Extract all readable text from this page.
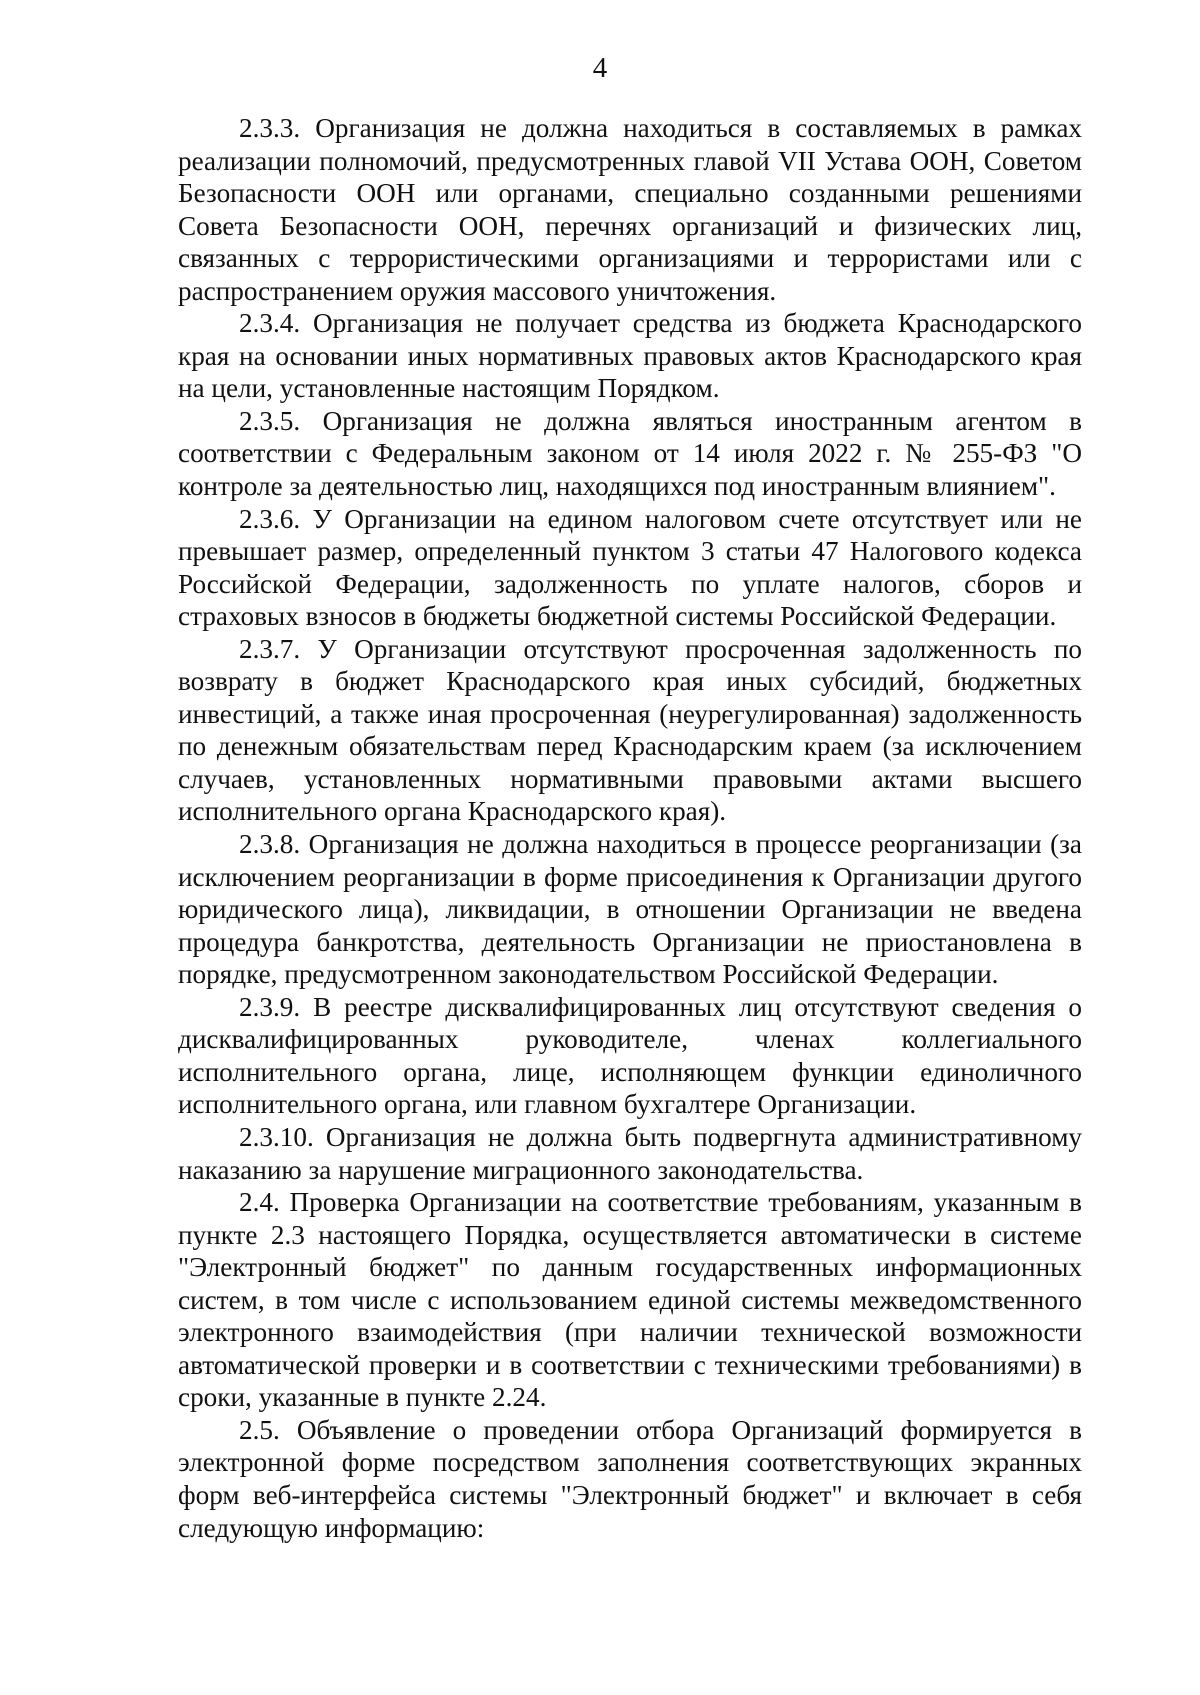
4

2.3.3. Организация не должна находиться в составляемых в рамках реализации полномочий, предусмотренных главой VII Устава ООН, Советом Безопасности ООН или органами, специально созданными решениями Совета Безопасности ООН, перечнях организаций и физических лиц, связанных с террористическими организациями и террористами или с распространением оружия массового уничтожения.

2.3.4. Организация не получает средства из бюджета Краснодарского края на основании иных нормативных правовых актов Краснодарского края на цели, установленные настоящим Порядком.

2.3.5. Организация не должна являться иностранным агентом в соответствии с Федеральным законом от 14 июля 2022 г. № 255-ФЗ "О контроле за деятельностью лиц, находящихся под иностранным влиянием".

2.3.6. У Организации на едином налоговом счете отсутствует или не превышает размер, определенный пунктом 3 статьи 47 Налогового кодекса Российской Федерации, задолженность по уплате налогов, сборов и страховых взносов в бюджеты бюджетной системы Российской Федерации.

2.3.7. У Организации отсутствуют просроченная задолженность по возврату в бюджет Краснодарского края иных субсидий, бюджетных инвестиций, а также иная просроченная (неурегулированная) задолженность по денежным обязательствам перед Краснодарским краем (за исключением случаев, установленных нормативными правовыми актами высшего исполнительного органа Краснодарского края).

2.3.8. Организация не должна находиться в процессе реорганизации (за исключением реорганизации в форме присоединения к Организации другого юридического лица), ликвидации, в отношении Организации не введена процедура банкротства, деятельность Организации не приостановлена в порядке, предусмотренном законодательством Российской Федерации.

2.3.9. В реестре дисквалифицированных лиц отсутствуют сведения о дисквалифицированных руководителе, членах коллегиального исполнительного органа, лице, исполняющем функции единоличного исполнительного органа, или главном бухгалтере Организации.

2.3.10. Организация не должна быть подвергнута административному наказанию за нарушение миграционного законодательства.

2.4. Проверка Организации на соответствие требованиям, указанным в пункте 2.3 настоящего Порядка, осуществляется автоматически в системе "Электронный бюджет" по данным государственных информационных систем, в том числе с использованием единой системы межведомственного электронного взаимодействия (при наличии технической возможности автоматической проверки и в соответствии с техническими требованиями) в сроки, указанные в пункте 2.24.

2.5. Объявление о проведении отбора Организаций формируется в электронной форме посредством заполнения соответствующих экранных форм веб-интерфейса системы "Электронный бюджет" и включает в себя следующую информацию:
